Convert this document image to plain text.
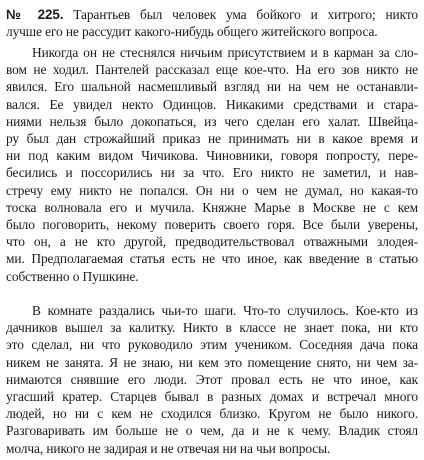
№ 225. Тарантьев был человек ума бойкого и хитрого; никто
лучше его не рассудит какого-нибудь общего житейского вопроса.
Никогда он не стеснялся ничьим присутствием и в карман за сло-
вом не ходил. Пантелей рассказал еще кое-что. На его зов никто не
явился. Его шальной насмешливый взгляд ни на чем не останавли-
вался. Ее увидел некто Одинцов. Никакими средствами и стара-
ниями нельзя было докопаться, из чего сделан его халат. Швейца-
ру был дан строжайший приказ не принимать ни в какое время и
ни под каким видом Чичикова. Чиновники, говоря попросту, пере-
бесились и поссорились ни за что. Его никто не заметил, и нав-
стречу ему никто не попался. Он ни о чем не думал, но какая-то
тоска волновала его и мучила. Княжне Марье в Москве не с кем
было поговорить, некому поверить своего горя. Все были уверены,
что он, а не кто другой, предводительствовал отважными злодея-
ми. Предполагаемая статья есть не что иное, как введение в статью
собственно о Пушкине.
В комнате раздались чьи-то шаги. Что-то случилось. Кое-кто из
дачников вышел за калитку. Никто в классе не знает пока, ни кто
это сделал, ни что руководило этим учеником. Соседняя дача пока
никем не занята. Я не знаю, ни кем это помещение снято, ни чем за-
нимаются снявшие его люди. Этот провал есть не что иное, как
угасший кратер. Старцев бывал в разных домах и встречал много
людей, но ни с кем не сходился близко. Кругом не было никого.
Разговаривать им больше не о чем, да и не к чему. Владик стоял
молча, никого не задирая и не отвечая ни на чьи вопросы.
